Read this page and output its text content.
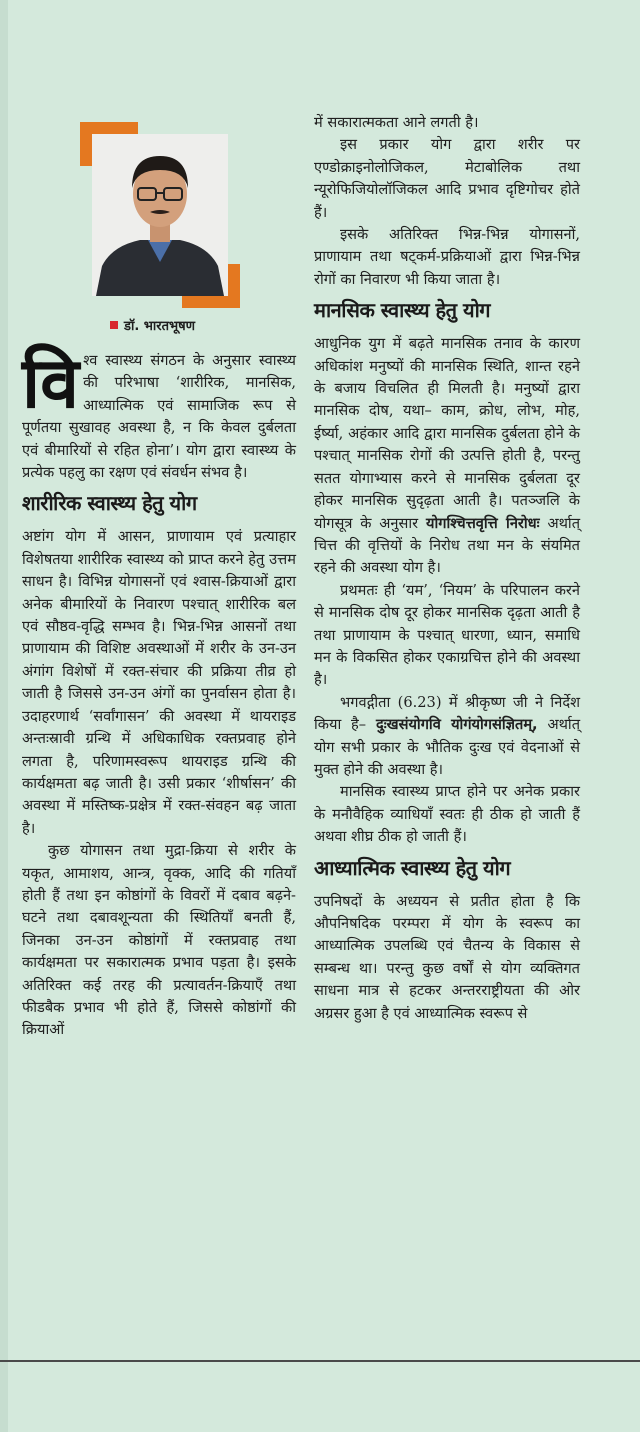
डॉ. भारतभूषण

विश्व स्वास्थ्य संगठन के अनुसार स्वास्थ्य की परिभाषा ‘शारीरिक, मानसिक, आध्यात्मिक एवं सामाजिक रूप से पूर्णतया सुखावह अवस्था है, न कि केवल दुर्बलता एवं बीमारियों से रहित होना’। योग द्वारा स्वास्थ्य के प्रत्येक पहलु का रक्षण एवं संवर्धन संभव है।

शारीरिक स्वास्थ्य हेतु योग

अष्टांग योग में आसन, प्राणायाम एवं प्रत्याहार विशेषतया शारीरिक स्वास्थ्य को प्राप्त करने हेतु उत्तम साधन है। विभिन्न योगासनों एवं श्वास-क्रियाओं द्वारा अनेक बीमारियों के निवारण पश्चात् शारीरिक बल एवं सौष्ठव-वृद्धि सम्भव है। भिन्न-भिन्न आसनों तथा प्राणायाम की विशिष्ट अवस्थाओं में शरीर के उन-उन अंगांग विशेषों में रक्त-संचार की प्रक्रिया तीव्र हो जाती है जिससे उन-उन अंगों का पुनर्वासन होता है। उदाहरणार्थ ‘सर्वांगासन’ की अवस्था में थायराइड अन्तःस्रावी ग्रन्थि में अधिकाधिक रक्तप्रवाह होने लगता है, परिणामस्वरूप थायराइड ग्रन्थि की कार्यक्षमता बढ़ जाती है। उसी प्रकार ‘शीर्षासन’ की अवस्था में मस्तिष्क-प्रक्षेत्र में रक्त-संवहन बढ़ जाता है।

कुछ योगासन तथा मुद्रा-क्रिया से शरीर के यकृत, आमाशय, आन्त्र, वृक्क, आदि की गतियाँ होती हैं तथा इन कोष्ठांगों के विवरों में दबाव बढ़ने-घटने तथा दबावशून्यता की स्थितियाँ बनती हैं, जिनका उन-उन कोष्ठांगों में रक्तप्रवाह तथा कार्यक्षमता पर सकारात्मक प्रभाव पड़ता है। इसके अतिरिक्त कई तरह की प्रत्यावर्तन-क्रियाएँ तथा फीडबैक प्रभाव भी होते हैं, जिससे कोष्ठांगों की क्रियाओं

में सकारात्मकता आने लगती है।

इस प्रकार योग द्वारा शरीर पर एण्डोक्राइनोलोजिकल, मेटाबोलिक तथा न्यूरोफिजियोलॉजिकल आदि प्रभाव दृष्टिगोचर होते हैं।

इसके अतिरिक्त भिन्न-भिन्न योगासनों, प्राणायाम तथा षट्कर्म-प्रक्रियाओं द्वारा भिन्न-भिन्न रोगों का निवारण भी किया जाता है।

मानसिक स्वास्थ्य हेतु योग

आधुनिक युग में बढ़ते मानसिक तनाव के कारण अधिकांश मनुष्यों की मानसिक स्थिति, शान्त रहने के बजाय विचलित ही मिलती है। मनुष्यों द्वारा मानसिक दोष, यथा– काम, क्रोध, लोभ, मोह, ईर्ष्या, अहंकार आदि द्वारा मानसिक दुर्बलता होने के पश्चात् मानसिक रोगों की उत्पत्ति होती है, परन्तु सतत योगाभ्यास करने से मानसिक दुर्बलता दूर होकर मानसिक सुदृढ़ता आती है। पतञ्जलि के योगसूत्र के अनुसार योगश्चित्तवृत्ति निरोधः अर्थात् चित्त की वृत्तियों के निरोध तथा मन के संयमित रहने की अवस्था योग है।

प्रथमतः ही ‘यम’, ‘नियम’ के परिपालन करने से मानसिक दोष दूर होकर मानसिक दृढ़ता आती है तथा प्राणायाम के पश्चात् धारणा, ध्यान, समाधि मन के विकसित होकर एकाग्रचित्त होने की अवस्था है।

भगवद्गीता (6.23) में श्रीकृष्ण जी ने निर्देश किया है– दुःखसंयोगवि योगंयोगसंज्ञितम्, अर्थात् योग सभी प्रकार के भौतिक दुःख एवं वेदनाओं से मुक्त होने की अवस्था है।

मानसिक स्वास्थ्य प्राप्त होने पर अनेक प्रकार के मनौवैहिक व्याधियाँ स्वतः ही ठीक हो जाती हैं अथवा शीघ्र ठीक हो जाती हैं।

आध्यात्मिक स्वास्थ्य हेतु योग

उपनिषदों के अध्ययन से प्रतीत होता है कि औपनिषदिक परम्परा में योग के स्वरूप का आध्यात्मिक उपलब्धि एवं चैतन्य के विकास से सम्बन्ध था। परन्तु कुछ वर्षों से योग व्यक्तिगत साधना मात्र से हटकर अन्तरराष्ट्रीयता की ओर अग्रसर हुआ है एवं आध्यात्मिक स्वरूप से
